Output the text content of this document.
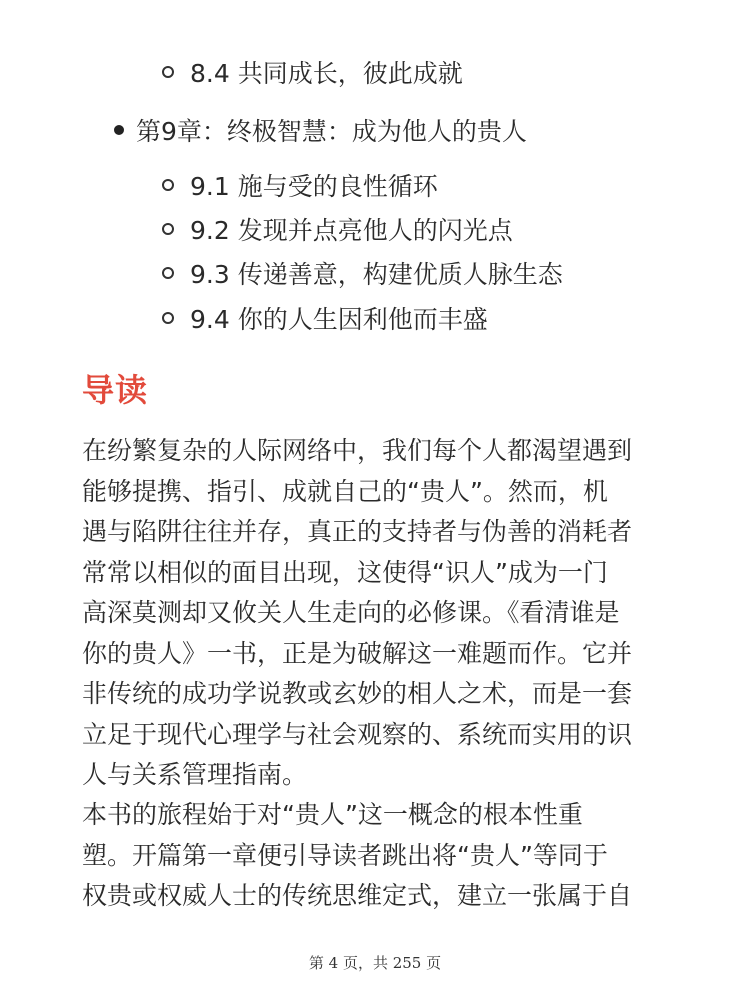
8.4 共同成长，彼此成就
第9章：终极智慧：成为他人的贵人
9.1 施与受的良性循环
9.2 发现并点亮他人的闪光点
9.3 传递善意，构建优质人脉生态
9.4 你的人生因利他而丰盛
导读
在纷繁复杂的人际网络中，我们每个人都渴望遇到
能够提携、指引、成就自己的“贵人”。然而，机
遇与陷阱往往并存，真正的支持者与伪善的消耗者
常常以相似的面目出现，这使得“识人”成为一门
高深莫测却又攸关人生走向的必修课。《看清谁是
你的贵人》一书，正是为破解这一难题而作。它并
非传统的成功学说教或玄妙的相人之术，而是一套
立足于现代心理学与社会观察的、系统而实用的识
人与关系管理指南。
本书的旅程始于对“贵人”这一概念的根本性重
塑。开篇第一章便引导读者跳出将“贵人”等同于
权贵或权威人士的传统思维定式，建立一张属于自
第 4 页，共 255 页
